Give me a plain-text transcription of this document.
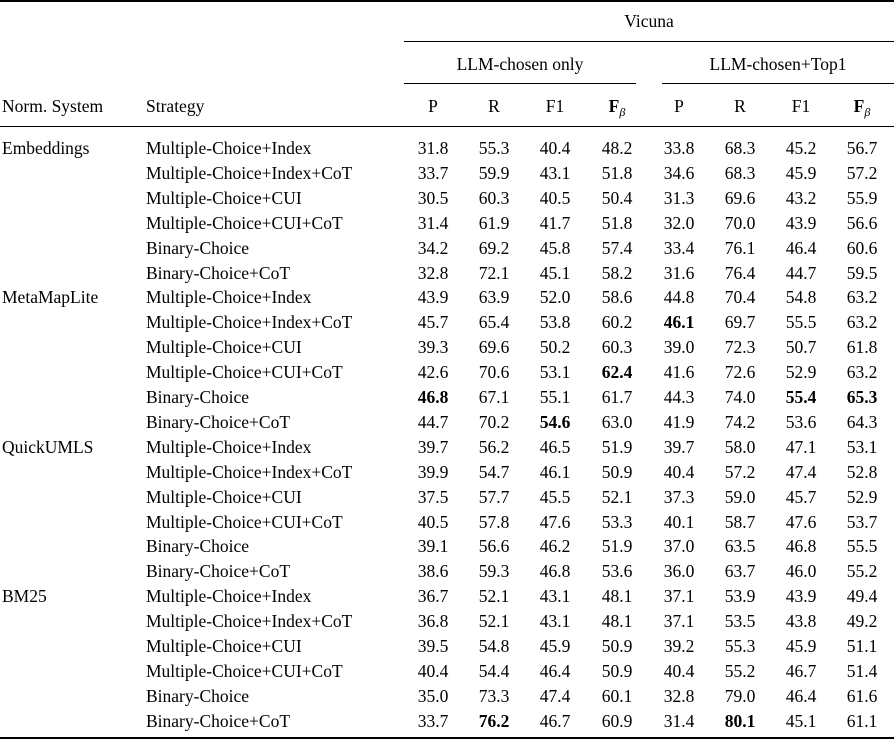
Vicuna
LLM-chosen only	LLM-chosen+Top1
Norm. System Strategy	P	R	F1	$F_\beta$	P	R	F1	$F_\beta$
Embeddings	Multiple-Choice+Index	31.8	55.3	40.4	48.2	33.8	68.3	45.2	56.7
Multiple-Choice+Index+CoT	33.7	59.9	43.1	51.8	34.6	68.3	45.9	57.2
Multiple-Choice+CUI	30.5	60.3	40.5	50.4	31.3	69.6	43.2	55.9
Multiple-Choice+CUI+CoT	31.4	61.9	41.7	51.8	32.0	70.0	43.9	56.6
Binary-Choice	34.2	69.2	45.8	57.4	33.4	76.1	46.4	60.6
Binary-Choice+CoT	32.8	72.1	45.1	58.2	31.6	76.4	44.7	59.5
MetaMapLite	Multiple-Choice+Index	43.9	63.9	52.0	58.6	44.8	70.4	54.8	63.2
Multiple-Choice+Index+CoT	45.7	65.4	53.8	60.2	46.1	69.7	55.5	63.2
Multiple-Choice+CUI	39.3	69.6	50.2	60.3	39.0	72.3	50.7	61.8
Multiple-Choice+CUI+CoT	42.6	70.6	53.1	62.4	41.6	72.6	52.9	63.2
Binary-Choice	46.8	67.1	55.1	61.7	44.3	74.0	55.4	65.3
Binary-Choice+CoT	44.7	70.2	54.6	63.0	41.9	74.2	53.6	64.3
QuickUMLS	Multiple-Choice+Index	39.7	56.2	46.5	51.9	39.7	58.0	47.1	53.1
Multiple-Choice+Index+CoT	39.9	54.7	46.1	50.9	40.4	57.2	47.4	52.8
Multiple-Choice+CUI	37.5	57.7	45.5	52.1	37.3	59.0	45.7	52.9
Multiple-Choice+CUI+CoT	40.5	57.8	47.6	53.3	40.1	58.7	47.6	53.7
Binary-Choice	39.1	56.6	46.2	51.9	37.0	63.5	46.8	55.5
Binary-Choice+CoT	38.6	59.3	46.8	53.6	36.0	63.7	46.0	55.2
BM25	Multiple-Choice+Index	36.7	52.1	43.1	48.1	37.1	53.9	43.9	49.4
Multiple-Choice+Index+CoT	36.8	52.1	43.1	48.1	37.1	53.5	43.8	49.2
Multiple-Choice+CUI	39.5	54.8	45.9	50.9	39.2	55.3	45.9	51.1
Multiple-Choice+CUI+CoT	40.4	54.4	46.4	50.9	40.4	55.2	46.7	51.4
Binary-Choice	35.0	73.3	47.4	60.1	32.8	79.0	46.4	61.6
Binary-Choice+CoT	33.7	76.2	46.7	60.9	31.4	80.1	45.1	61.1
